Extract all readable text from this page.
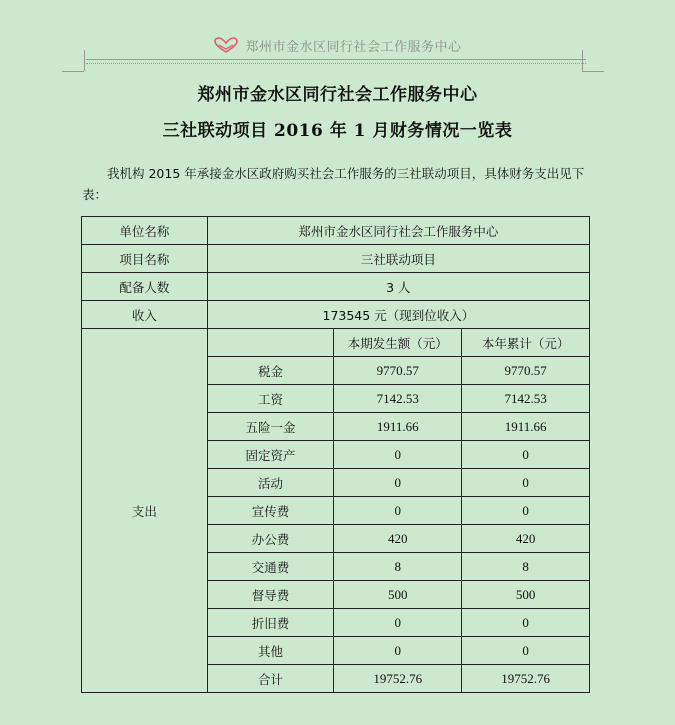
郑州市金水区同行社会工作服务中心
郑州市金水区同行社会工作服务中心
三社联动项目 2016 年 1 月财务情况一览表
我机构 2015 年承接金水区政府购买社会工作服务的三社联动项目，具体财务支出见下表：
单位名称	郑州市金水区同行社会工作服务中心		
项目名称	三社联动项目		
配备人数	3 人		
收入	173545 元（现到位收入）		
支出		本期发生额（元）	本年累计（元）
	税金	9770.57	9770.57
	工资	7142.53	7142.53
	五险一金	1911.66	1911.66
	固定资产	0	0
	活动	0	0
	宣传费	0	0
	办公费	420	420
	交通费	8	8
	督导费	500	500
	折旧费	0	0
	其他	0	0
	合计	19752.76	19752.76
